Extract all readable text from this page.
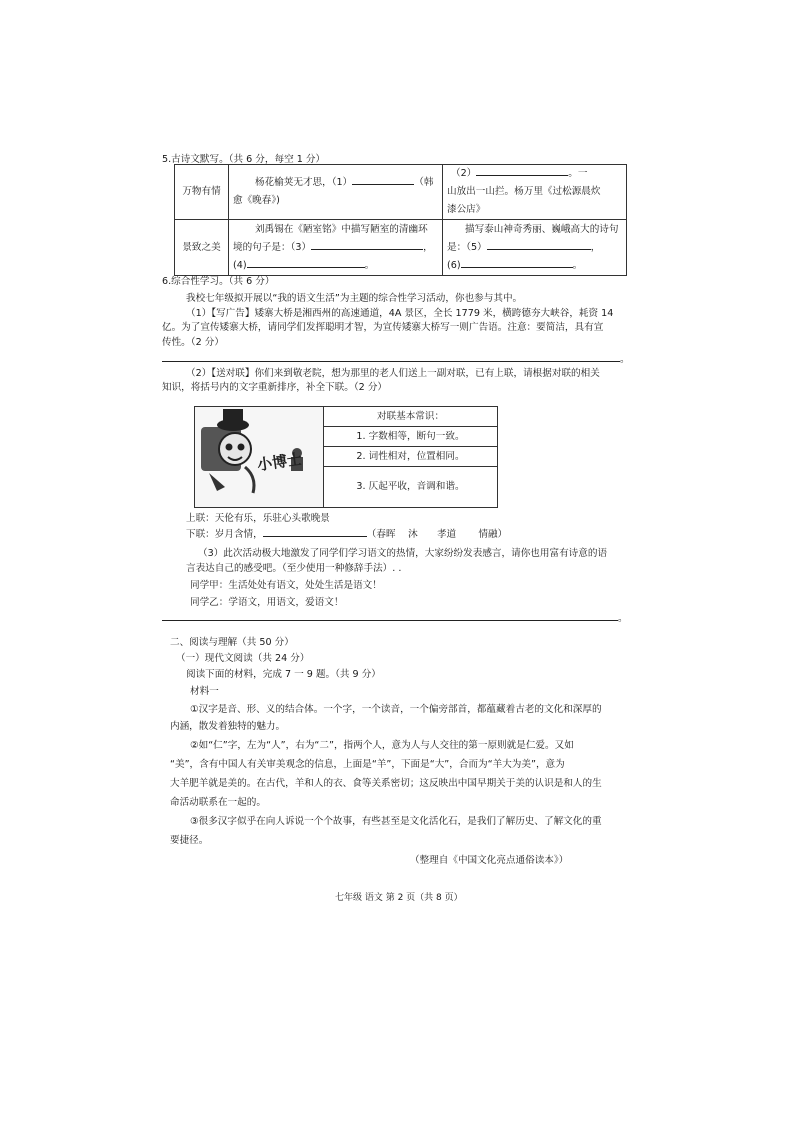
5.古诗文默写。（共 6 分，每空 1 分）
万物有情	杨花榆荚无才思，（1） （韩
愈《晚春》)	（2） 。一
山放出一山拦。杨万里《过松源晨炊
漆公店》

景致之美	刘禹锡在《陋室铭》中描写陋室的清幽环
境的句子是：（3） ，
(4) 。	描写泰山神奇秀丽、巍峨高大的诗句
是：（5） ，
(6) 。
6.综合性学习。（共 6 分）
我校七年级拟开展以“我的语文生活”为主题的综合性学习活动，你也参与其中。
（1）【写广告】矮寨大桥是湘西州的高速通道，4A 景区，全长 1779 米，横跨德夯大峡谷，耗资 14
亿。为了宣传矮寨大桥，请同学们发挥聪明才智，为宣传矮寨大桥写一则广告语。注意：要简洁，具有宣
传性。（2 分）
。
（2）【送对联】你们来到敬老院，想为那里的老人们送上一副对联，已有上联，请根据对联的相关
知识，将括号内的文字重新排序，补全下联。（2 分）
小博士
对联基本常识：
1. 字数相等，断句一致。
2. 词性相对，位置相同。
3. 仄起平收，音调和谐。
上联：天伦有乐，乐驻心头歌晚景
下联：岁月含情，	（春晖　 沐　　孝道　　 情融）
（3）此次活动极大地激发了同学们学习语文的热情，大家纷纷发表感言，请你也用富有诗意的语
言表达自己的感受吧。（至少使用一种修辞手法）. .
同学甲：生活处处有语文，处处生活是语文！
同学乙：学语文，用语文，爱语文！
。
二、阅读与理解（共 50 分）
（一）现代文阅读（共 24 分）
阅读下面的材料，完成 7 一 9 题。（共 9 分）
材料一
①汉字是音、形、义的结合体。一个字，一个读音，一个偏旁部首，都蕴藏着古老的文化和深厚的
内涵，散发着独特的魅力。
②如“仁”字，左为“人”，右为“二”，指两个人，意为人与人交往的第一原则就是仁爱。又如
“美”，含有中国人有关审美观念的信息，上面是“羊”，下面是“大”，合而为“羊大为美”，意为
大羊肥羊就是美的。在古代，羊和人的衣、食等关系密切；这反映出中国早期关于美的认识是和人的生
命活动联系在一起的。
③很多汉字似乎在向人诉说一个个故事，有些甚至是文化活化石，是我们了解历史、了解文化的重
要捷径。
（整理自《中国文化亮点通俗读本》）
七年级 语文 第 2 页（共 8 页）
